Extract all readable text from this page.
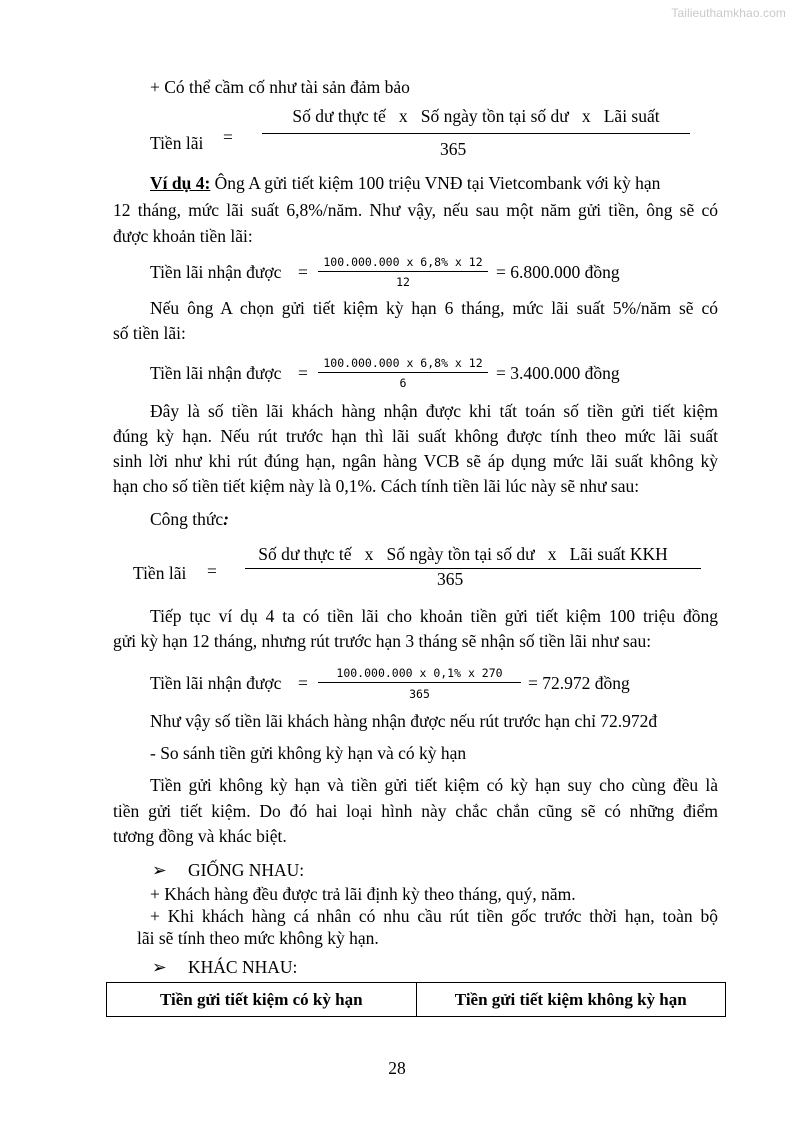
Tailieuthamkhao.com
+ Có thể cầm cố như tài sản đảm bảo
Tiền lãi =
Số dư thực tế   x   Số ngày tồn tại số dư   x   Lãi suất
365
Ví dụ 4: Ông A gửi tiết kiệm 100 triệu VNĐ tại Vietcombank với kỳ hạn
12 tháng, mức lãi suất 6,8%/năm. Như vậy, nếu sau một năm gửi tiền, ông sẽ có
được khoản tiền lãi:
Tiền lãi nhận được =	100.000.000 x 6,8% x 12
12	= 6.800.000 đồng
Nếu ông A chọn gửi tiết kiệm kỳ hạn 6 tháng, mức lãi suất 5%/năm sẽ có
số tiền lãi:
Tiền lãi nhận được =	100.000.000 x 6,8% x 12
6	= 3.400.000 đồng
Đây là số tiền lãi khách hàng nhận được khi tất toán số tiền gửi tiết kiệm
đúng kỳ hạn. Nếu rút trước hạn thì lãi suất không được tính theo mức lãi suất
sinh lời như khi rút đúng hạn, ngân hàng VCB sẽ áp dụng mức lãi suất không kỳ
hạn cho số tiền tiết kiệm này là 0,1%. Cách tính tiền lãi lúc này sẽ như sau:
Công thức:
Tiền lãi =
Số dư thực tế   x   Số ngày tồn tại số dư   x   Lãi suất KKH
365
Tiếp tục ví dụ 4 ta có tiền lãi cho khoản tiền gửi tiết kiệm 100 triệu đồng
gửi kỳ hạn 12 tháng, nhưng rút trước hạn 3 tháng sẽ nhận số tiền lãi như sau:
Tiền lãi nhận được =	100.000.000 x 0,1% x 270
365
= 72.972 đồng
Như vậy số tiền lãi khách hàng nhận được nếu rút trước hạn chỉ 72.972đ
- So sánh tiền gửi không kỳ hạn và có kỳ hạn
Tiền gửi không kỳ hạn và tiền gửi tiết kiệm có kỳ hạn suy cho cùng đều là
tiền gửi tiết kiệm. Do đó hai loại hình này chắc chắn cũng sẽ có những điểm
tương đồng và khác biệt.
➢ GIỐNG NHAU:
+ Khách hàng đều được trả lãi định kỳ theo tháng, quý, năm.
+ Khi khách hàng cá nhân có nhu cầu rút tiền gốc trước thời hạn, toàn bộ
lãi sẽ tính theo mức không kỳ hạn.
➢ KHÁC NHAU:
Tiền gửi tiết kiệm có kỳ hạn	Tiền gửi tiết kiệm không kỳ hạn
28
